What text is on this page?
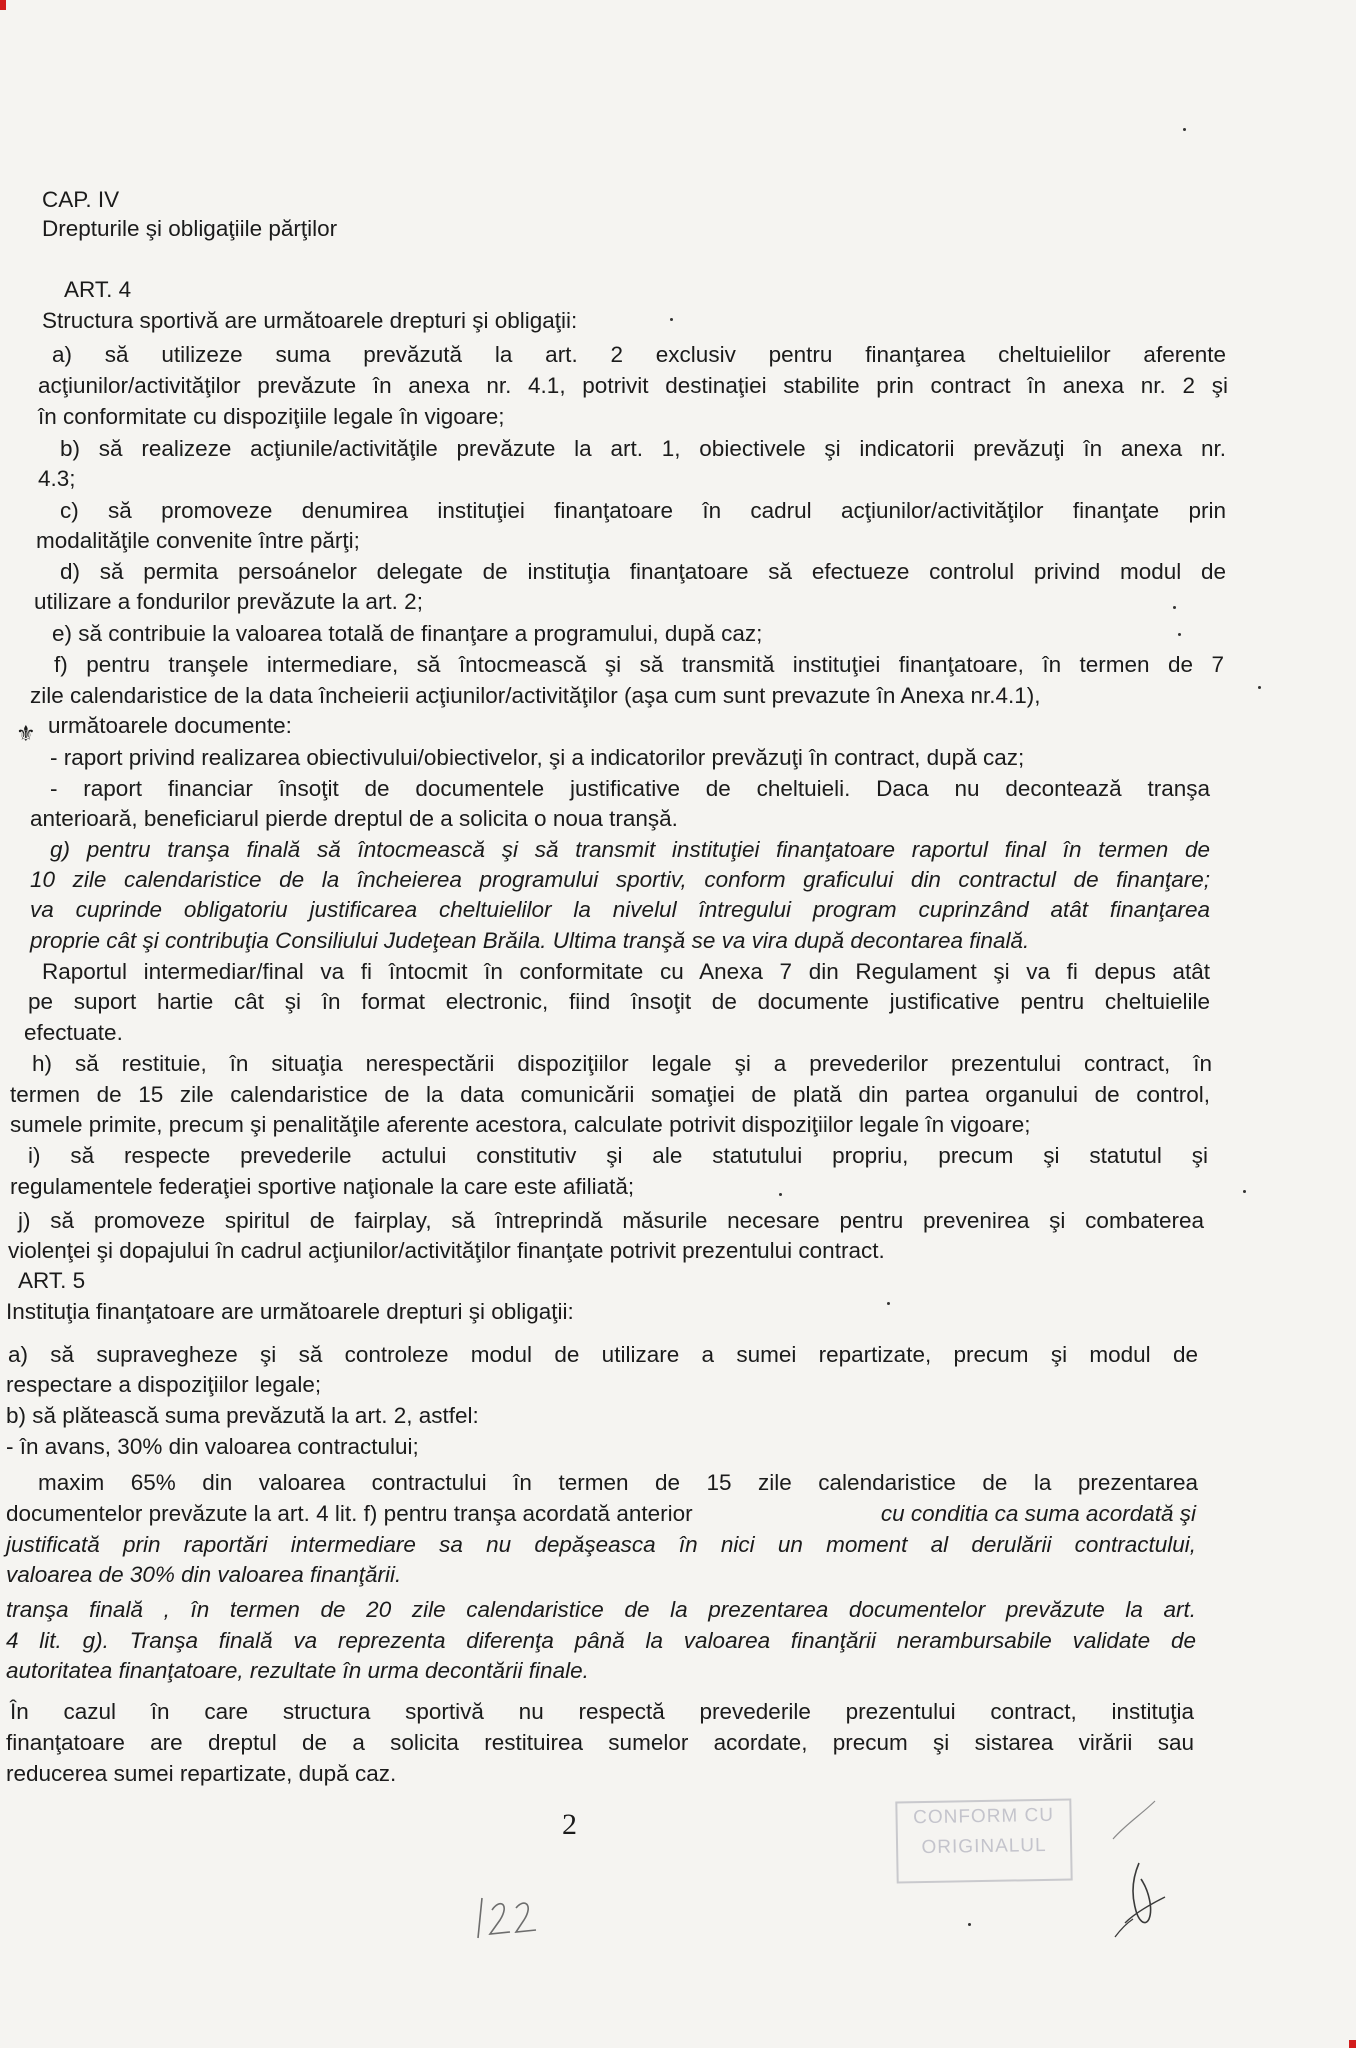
⚜
CAP. IV
Drepturile şi obligaţiile părţilor
ART. 4
Structura sportivă are următoarele drepturi şi obligaţii:
a) să utilizeze suma prevăzută la art. 2 exclusiv pentru finanţarea cheltuielilor aferente
acţiunilor/activităţilor prevăzute în anexa nr. 4.1, potrivit destinaţiei stabilite prin contract în anexa nr. 2 şi
în conformitate cu dispoziţiile legale în vigoare;
b) să realizeze acţiunile/activităţile prevăzute la art. 1, obiectivele şi indicatorii prevăzuţi în anexa nr.
4.3;
c) să promoveze denumirea instituţiei finanţatoare în cadrul acţiunilor/activităţilor finanţate prin
modalităţile convenite între părţi;
d) să permita persoánelor delegate de instituţia finanţatoare să efectueze controlul privind modul de
utilizare a fondurilor prevăzute la art. 2;
e) să contribuie la valoarea totală de finanţare a programului, după caz;
f) pentru tranşele intermediare, să întocmească şi să transmită instituţiei finanţatoare, în termen de 7
zile calendaristice de la data încheierii acţiunilor/activităţilor (aşa cum sunt prevazute în Anexa nr.4.1),
următoarele documente:
- raport privind realizarea obiectivului/obiectivelor, şi a indicatorilor prevăzuţi în contract, după caz;
- raport financiar însoţit de documentele justificative de cheltuieli. Daca nu decontează tranşa
anterioară, beneficiarul pierde dreptul de a solicita o noua tranşă.
g) pentru tranşa finală să întocmească şi să transmit instituţiei finanţatoare raportul final în termen de
10 zile calendaristice de la încheierea programului sportiv, conform graficului din contractul de finanţare;
va cuprinde obligatoriu justificarea cheltuielilor la nivelul întregului program cuprinzând atât finanţarea
proprie cât şi contribuţia Consiliului Judeţean Brăila. Ultima tranşă se va vira după decontarea finală.
Raportul intermediar/final va fi întocmit în conformitate cu Anexa 7 din Regulament şi va fi depus atât
pe suport hartie cât şi în format electronic, fiind însoţit de documente justificative pentru cheltuielile
efectuate.
h) să restituie, în situaţia nerespectării dispoziţiilor legale şi a prevederilor prezentului contract, în
termen de 15 zile calendaristice de la data comunicării somaţiei de plată din partea organului de control,
sumele primite, precum şi penalităţile aferente acestora, calculate potrivit dispoziţiilor legale în vigoare;
i) să respecte prevederile actului constitutiv şi ale statutului propriu, precum şi statutul şi
regulamentele federaţiei sportive naţionale la care este afiliată;
j) să promoveze spiritul de fairplay, să întreprindă măsurile necesare pentru prevenirea şi combaterea
violenţei şi dopajului în cadrul acţiunilor/activităţilor finanţate potrivit prezentului contract.
ART. 5
Instituţia finanţatoare are următoarele drepturi şi obligaţii:
a) să supravegheze şi să controleze modul de utilizare a sumei repartizate, precum şi modul de
respectare a dispoziţiilor legale;
b) să plătească suma prevăzută la art. 2, astfel:
- în avans, 30% din valoarea contractului;
maxim 65% din valoarea contractului în termen de 15 zile calendaristice de la prezentarea
documentelor prevăzute la art. 4 lit. f) pentru tranşa acordată anterior	cu conditia ca suma acordată şi
justificată prin raportări intermediare sa nu depăşeasca în nici un moment al derulării contractului,
valoarea de 30% din valoarea finanţării.
tranşa finală , în termen de 20 zile calendaristice de la prezentarea documentelor prevăzute la art.
4 lit. g). Tranşa finală va reprezenta diferenţa până la valoarea finanţării nerambursabile validate de
autoritatea finanţatoare, rezultate în urma decontării finale.
În cazul în care structura sportivă nu respectă prevederile prezentului contract, instituţia
finanţatoare are dreptul de a solicita restituirea sumelor acordate, precum şi sistarea virării sau
reducerea sumei repartizate, după caz.
2	CONFORM CU
ORIGINALUL
